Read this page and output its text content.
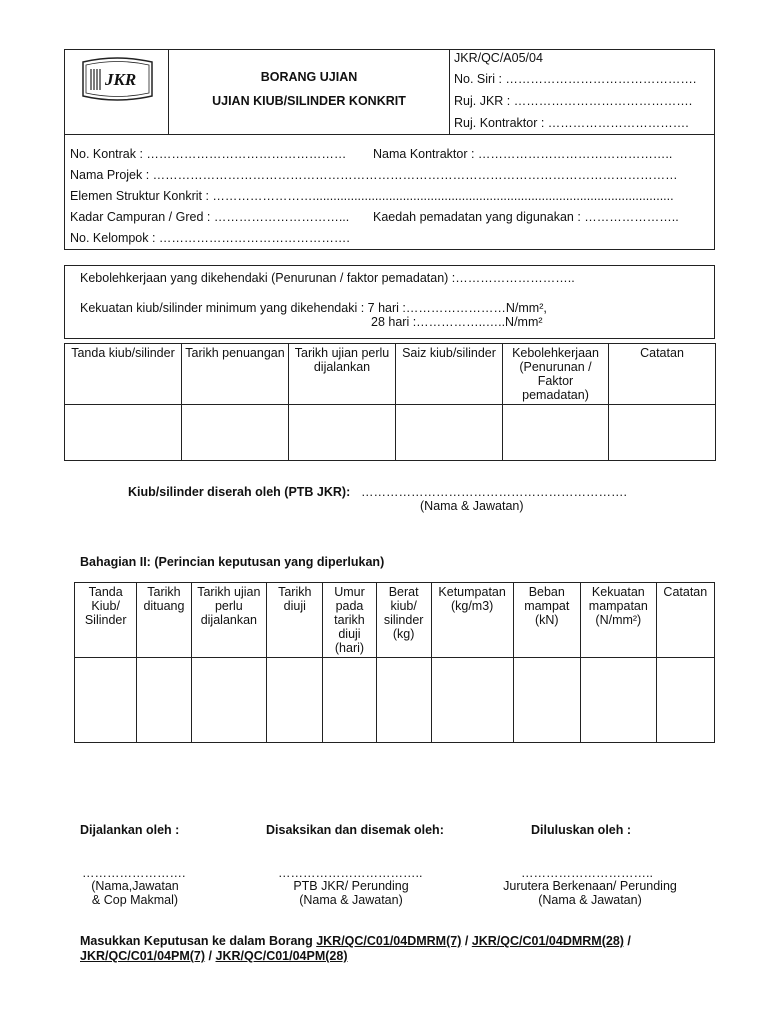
JKR	BORANG UJIAN
UJIAN KIUB/SILINDER KONKRIT
JKR/QC/A05/04
No. Siri : ……………………………………….
Ruj. JKR : …………………………………….
Ruj. Kontraktor : …………………………….
No. Kontrak : ………………………………………… Nama Kontraktor : ………………………………………..
Nama Projek : ………………………………………………………………………………………………………………
Elemen Struktur Konkrit : ……………………........................................................................................................
Kadar Campuran / Gred : …………………………... Kaedah pemadatan yang digunakan : …………………..
No. Kelompok : ……………………………………….
Kebolehkerjaan yang dikehendaki (Penurunan / faktor pemadatan) :………………………..
Kekuatan kiub/silinder minimum yang dikehendaki : 7 hari :……………………N/mm²,
28 hari :……………..…..N/mm²
Tanda kiub/silinder	Tarikh penuangan	Tarikh ujian perlu dijalankan	Saiz kiub/silinder	Kebolehkerjaan (Penurunan / Faktor pemadatan)	Catatan

Kiub/silinder diserah oleh (PTB JKR): ……………………………………………………….
(Nama & Jawatan)
Bahagian II: (Perincian keputusan yang diperlukan)
Tanda Kiub/ Silinder	Tarikh dituang	Tarikh ujian perlu dijalankan	Tarikh diuji	Umur pada tarikh diuji (hari)	Berat kiub/ silinder (kg)	Ketumpatan (kg/m3)	Beban mampat (kN)	Kekuatan mampatan (N/mm²)	Catatan

Dijalankan oleh :	Disaksikan dan disemak oleh:	Diluluskan oleh :
…………………….	……………………………..	…………………………..
(Nama,Jawatan
& Cop Makmal)
PTB JKR/ Perunding
(Nama & Jawatan)
Jurutera Berkenaan/ Perunding
(Nama & Jawatan)
Masukkan Keputusan ke dalam Borang JKR/QC/C01/04DMRM(7) / JKR/QC/C01/04DMRM(28) / JKR/QC/C01/04PM(7) / JKR/QC/C01/04PM(28)
